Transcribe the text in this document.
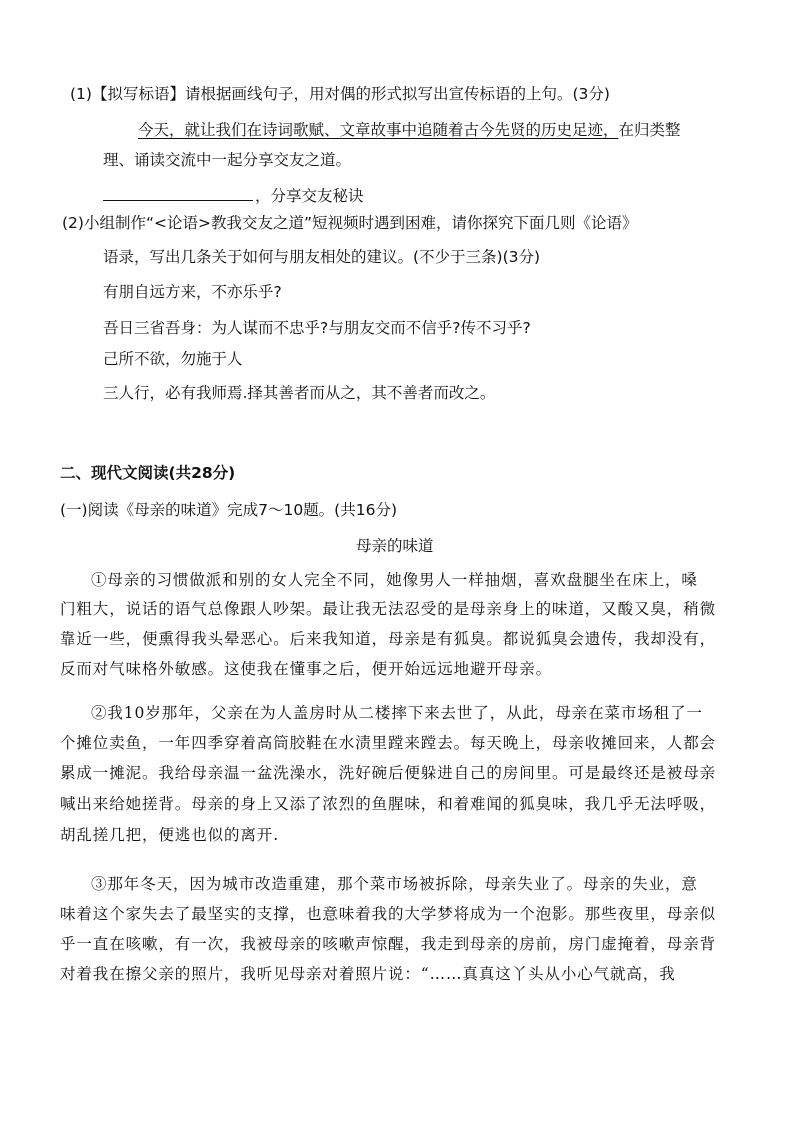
(1)【拟写标语】请根据画线句子，用对偶的形式拟写出宣传标语的上句。(3分)
今天，就让我们在诗词歌赋、文章故事中追随着古今先贤的历史足迹，在归类整
理、诵读交流中一起分享交友之道。
，分享交友秘诀
(2)小组制作“<论语>教我交友之道”短视频时遇到困难，请你探究下面几则《论语》
语录，写出几条关于如何与朋友相处的建议。(不少于三条)(3分)
有朋自远方来，不亦乐乎?
吾日三省吾身：为人谋而不忠乎?与朋友交而不信乎?传不习乎?
己所不欲，勿施于人
三人行，必有我师焉.择其善者而从之，其不善者而改之。
二、现代文阅读(共28分)
(一)阅读《母亲的味道》完成7～10题。(共16分)
母亲的味道
①母亲的习惯做派和别的女人完全不同，她像男人一样抽烟，喜欢盘腿坐在床上，嗓
门粗大，说话的语气总像跟人吵架。最让我无法忍受的是母亲身上的味道，又酸又臭，稍微
靠近一些，便熏得我头晕恶心。后来我知道，母亲是有狐臭。都说狐臭会遗传，我却没有，
反而对气味格外敏感。这使我在懂事之后，便开始远远地避开母亲。
②我10岁那年，父亲在为人盖房时从二楼摔下来去世了，从此，母亲在菜市场租了一
个摊位卖鱼，一年四季穿着高筒胶鞋在水渍里蹚来蹚去。每天晚上，母亲收摊回来，人都会
累成一摊泥。我给母亲温一盆洗澡水，洗好碗后便躲进自己的房间里。可是最终还是被母亲
喊出来给她搓背。母亲的身上又添了浓烈的鱼腥味，和着难闻的狐臭味，我几乎无法呼吸，
胡乱搓几把，便逃也似的离开.
③那年冬天，因为城市改造重建，那个菜市场被拆除，母亲失业了。母亲的失业，意
味着这个家失去了最坚实的支撑，也意味着我的大学梦将成为一个泡影。那些夜里，母亲似
乎一直在咳嗽，有一次，我被母亲的咳嗽声惊醒，我走到母亲的房前，房门虚掩着，母亲背
对着我在擦父亲的照片，我听见母亲对着照片说：“……真真这丫头从小心气就高，我
